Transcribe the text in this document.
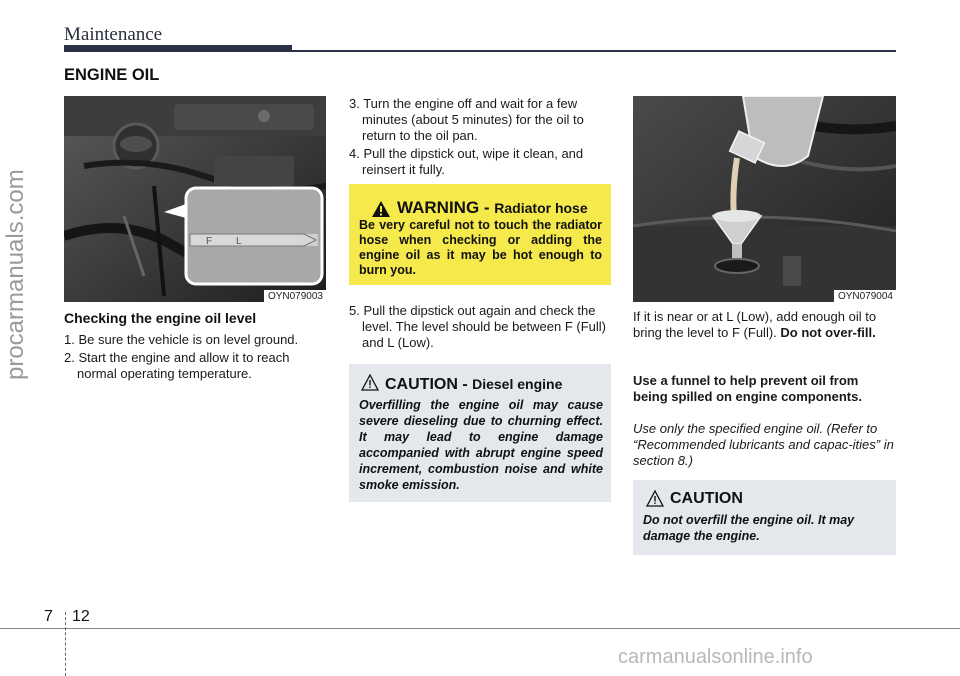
Maintenance
ENGINE OIL
F L
OYN079003
Checking the engine oil level
1. Be sure the vehicle is on level ground.
2. Start the engine and allow it to reach normal operating temperature.
3. Turn the engine off and wait for a few minutes (about 5 minutes) for the oil to return to the oil pan.
4. Pull the dipstick out, wipe it clean, and reinsert it fully.
WARNING - Radiator hose
Be very careful not to touch the radiator hose when checking or adding the engine oil as it may be hot enough to burn you.
5. Pull the dipstick out again and check the level. The level should be between F (Full) and L (Low).
CAUTION - Diesel engine
Overfilling the engine oil may cause severe dieseling due to churning effect. It may lead to engine damage accompanied with abrupt engine speed increment, combustion noise and white smoke emission.
OYN079004
If it is near or at L (Low), add enough oil to bring the level to F (Full). Do not over-fill.
Use a funnel to help prevent oil from being spilled on engine components.
Use only the specified engine oil. (Refer to “Recommended lubricants and capac-ities” in section 8.)
CAUTION
Do not overfill the engine oil. It may damage the engine.
7 12
procarmanuals.com
carmanualsonline.info
